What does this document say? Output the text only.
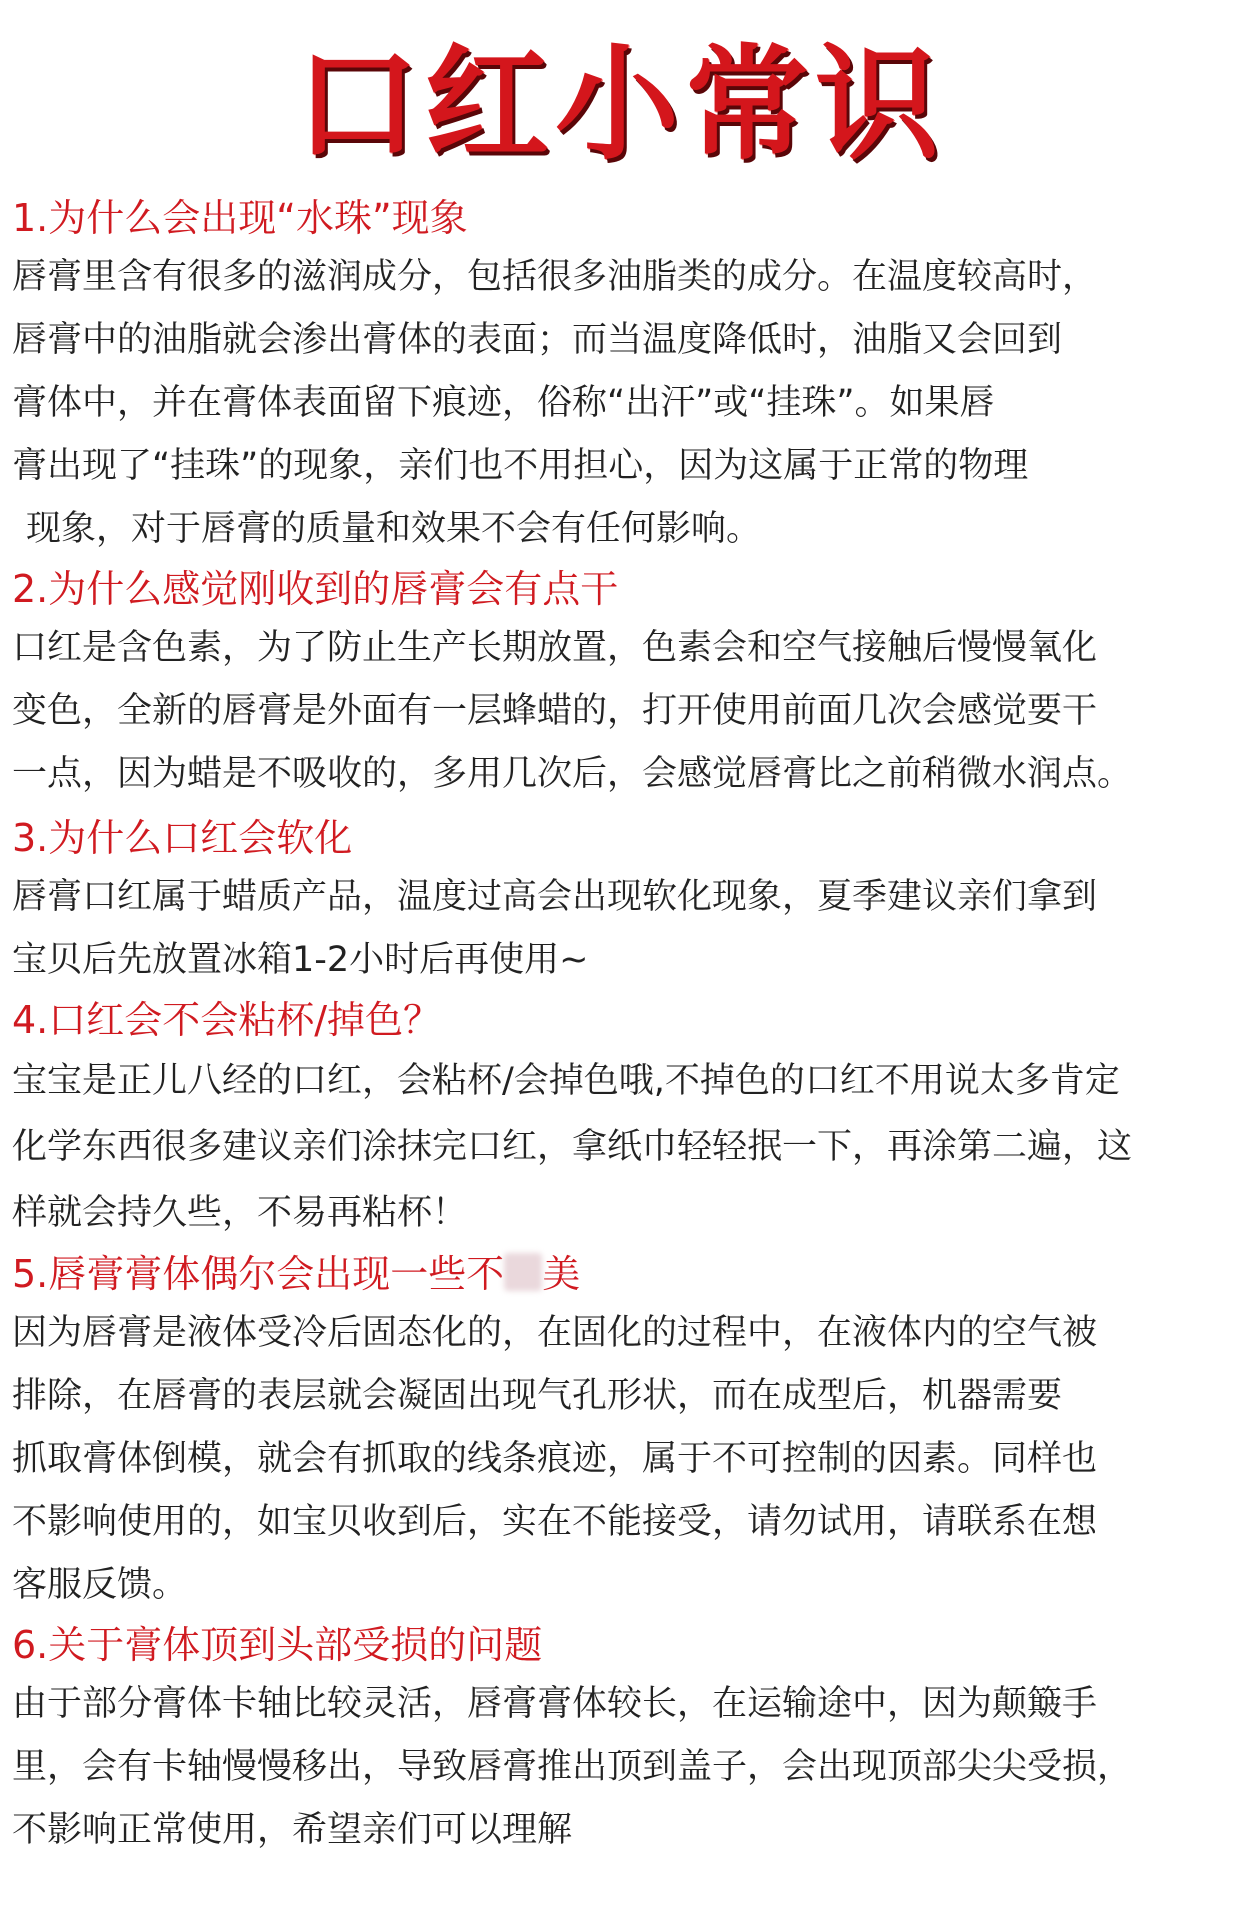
口红小常识
1.为什么会出现“水珠”现象
唇膏里含有很多的滋润成分，包括很多油脂类的成分。在温度较高时，
唇膏中的油脂就会渗出膏体的表面；而当温度降低时，油脂又会回到
膏体中，并在膏体表面留下痕迹，俗称“出汗”或“挂珠”。如果唇
膏出现了“挂珠”的现象，亲们也不用担心，因为这属于正常的物理
现象，对于唇膏的质量和效果不会有任何影响。
2.为什么感觉刚收到的唇膏会有点干
口红是含色素，为了防止生产长期放置，色素会和空气接触后慢慢氧化
变色，全新的唇膏是外面有一层蜂蜡的，打开使用前面几次会感觉要干
一点，因为蜡是不吸收的，多用几次后，会感觉唇膏比之前稍微水润点。
3.为什么口红会软化
唇膏口红属于蜡质产品，温度过高会出现软化现象，夏季建议亲们拿到
宝贝后先放置冰箱1-2小时后再使用~
4.口红会不会粘杯/掉色？
宝宝是正儿八经的口红，会粘杯/会掉色哦,不掉色的口红不用说太多肯定
化学东西很多建议亲们涂抹完口红，拿纸巾轻轻抿一下，再涂第二遍，这
样就会持久些，不易再粘杯！
5.唇膏膏体偶尔会出现一些不 美
因为唇膏是液体受冷后固态化的，在固化的过程中，在液体内的空气被
排除，在唇膏的表层就会凝固出现气孔形状，而在成型后，机器需要
抓取膏体倒模，就会有抓取的线条痕迹，属于不可控制的因素。同样也
不影响使用的，如宝贝收到后，实在不能接受，请勿试用，请联系在想
客服反馈。
6.关于膏体顶到头部受损的问题
由于部分膏体卡轴比较灵活，唇膏膏体较长，在运输途中，因为颠簸手
里，会有卡轴慢慢移出，导致唇膏推出顶到盖子，会出现顶部尖尖受损，
不影响正常使用，希望亲们可以理解
